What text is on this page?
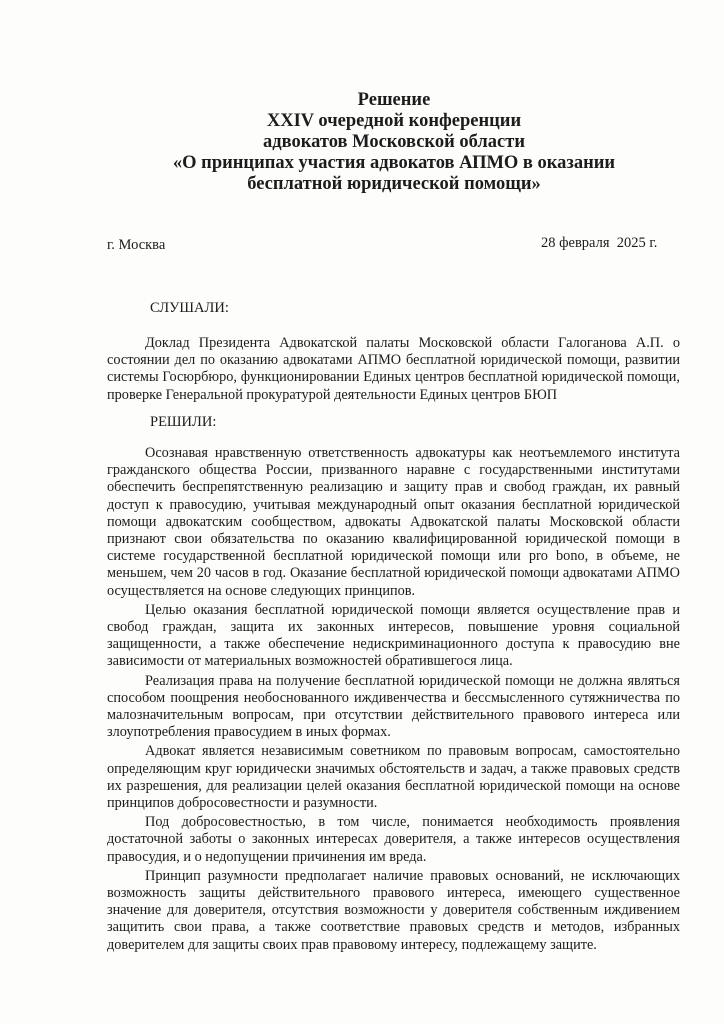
Решение
XXIV очередной конференции
адвокатов Московской области
«О принципах участия адвокатов АПМО в оказании
бесплатной юридической помощи»
г. Москва	28 февраля  2025 г.
СЛУШАЛИ:

Доклад Президента Адвокатской палаты Московской области Галоганова А.П. о состоянии дел по оказанию адвокатами АПМО бесплатной юридической помощи, развитии системы Госюрбюро, функционировании Единых центров бесплатной юридической помощи, проверке Генеральной прокуратурой деятельности Единых центров БЮП

РЕШИЛИ:

Осознавая нравственную ответственность адвокатуры как неотъемлемого института гражданского общества России, призванного наравне с государственными институтами обеспечить беспрепятственную реализацию и защиту прав и свобод граждан, их равный доступ к правосудию, учитывая международный опыт оказания бесплатной юридической помощи адвокатским сообществом, адвокаты Адвокатской палаты Московской области признают свои обязательства по оказанию квалифицированной юридической помощи в системе государственной бесплатной юридической помощи или pro bono, в объеме, не меньшем, чем 20 часов в год. Оказание бесплатной юридической помощи адвокатами АПМО осуществляется на основе следующих принципов.

Целью оказания бесплатной юридической помощи является осуществление прав и свобод граждан, защита их законных интересов, повышение уровня социальной защищенности, а также обеспечение недискриминационного доступа к правосудию вне зависимости от материальных возможностей обратившегося лица.

Реализация права на получение бесплатной юридической помощи не должна являться способом поощрения необоснованного иждивенчества и бессмысленного сутяжничества по малозначительным вопросам, при отсутствии действительного правового интереса или злоупотребления правосудием в иных формах.

Адвокат является независимым советником по правовым вопросам, самостоятельно определяющим круг юридически значимых обстоятельств и задач, а также правовых средств их разрешения, для реализации целей оказания бесплатной юридической помощи на основе принципов добросовестности и разумности.

Под добросовестностью, в том числе, понимается необходимость проявления достаточной заботы о законных интересах доверителя, а также интересов осуществления правосудия, и о недопущении причинения им вреда.

Принцип разумности предполагает наличие правовых оснований, не исключающих возможность защиты действительного правового интереса, имеющего существенное значение для доверителя, отсутствия возможности у доверителя собственным иждивением защитить свои права, а также соответствие правовых средств и методов, избранных доверителем для защиты своих прав правовому интересу, подлежащему защите.
